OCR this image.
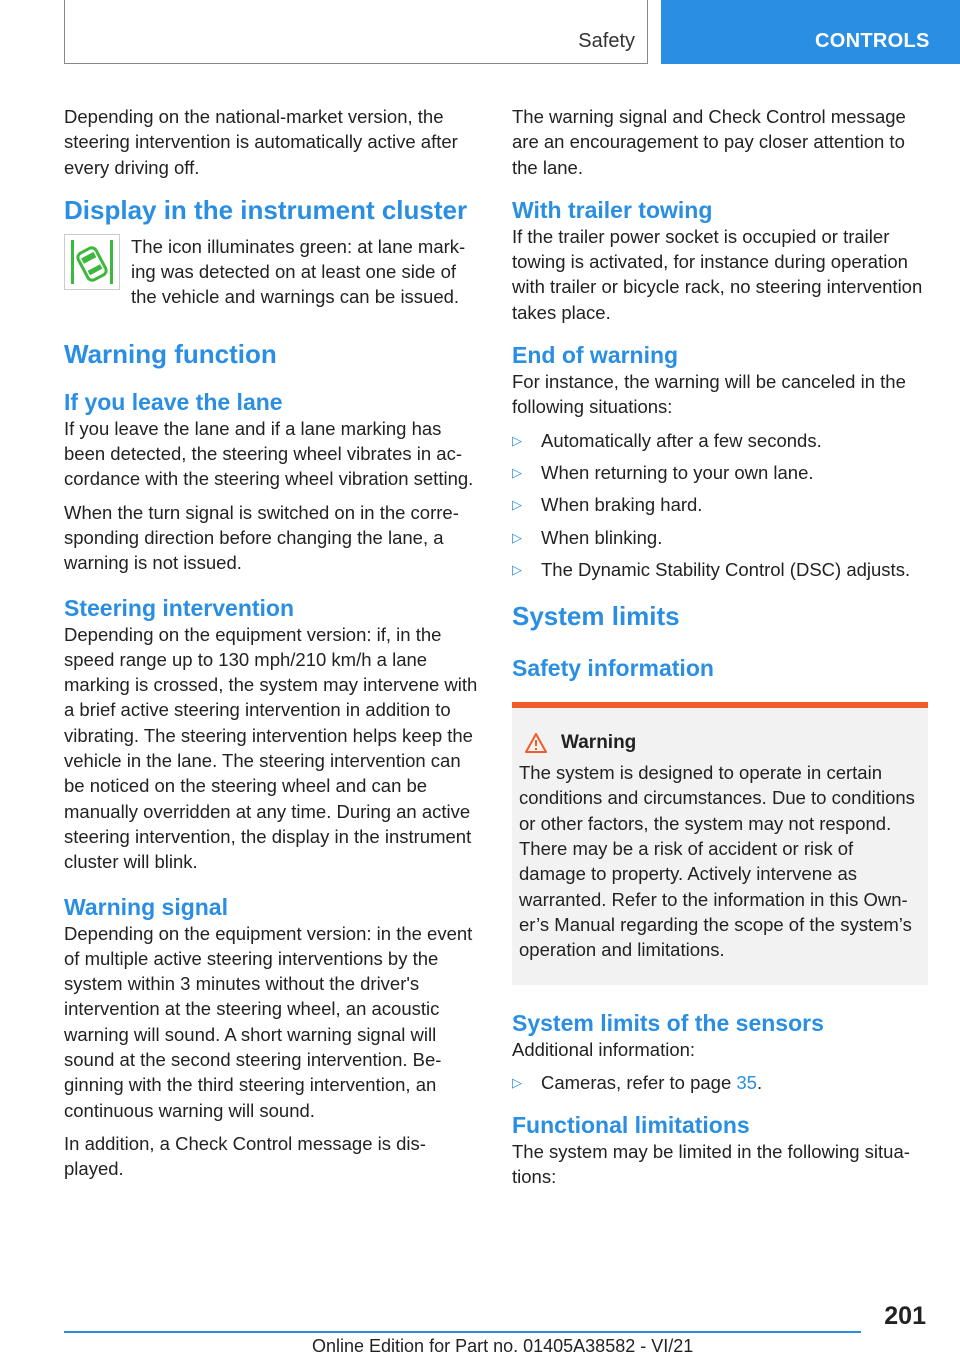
Safety	CONTROLS

Depending on the national-market version, the steering intervention is automatically active after every driving off.

Display in the instrument cluster

The icon illuminates green: at lane marking was detected on at least one side of the vehicle and warnings can be issued.

Warning function
If you leave the lane

If you leave the lane and if a lane marking has been detected, the steering wheel vibrates in accordance with the steering wheel vibration setting.

When the turn signal is switched on in the corresponding direction before changing the lane, a warning is not issued.

Steering intervention

Depending on the equipment version: if, in the speed range up to 130 mph/210 km/h a lane marking is crossed, the system may intervene with a brief active steering intervention in addition to vibrating. The steering intervention helps keep the vehicle in the lane. The steering intervention can be noticed on the steering wheel and can be manually overridden at any time. During an active steering intervention, the display in the instrument cluster will blink.

Warning signal

Depending on the equipment version: in the event of multiple active steering interventions by the system within 3 minutes without the driver's intervention at the steering wheel, an acoustic warning will sound. A short warning signal will sound at the second steering intervention. Beginning with the third steering intervention, an continuous warning will sound.

In addition, a Check Control message is displayed.

The warning signal and Check Control message are an encouragement to pay closer attention to the lane.

With trailer towing

If the trailer power socket is occupied or trailer towing is activated, for instance during operation with trailer or bicycle rack, no steering intervention takes place.

End of warning

For instance, the warning will be canceled in the following situations:

▷ Automatically after a few seconds.
▷ When returning to your own lane.
▷ When braking hard.
▷ When blinking.
▷ The Dynamic Stability Control (DSC) adjusts.
System limits
Safety information
Warning

The system is designed to operate in certain conditions and circumstances. Due to conditions or other factors, the system may not respond. There may be a risk of accident or risk of damage to property. Actively intervene as warranted. Refer to the information in this Owner’s Manual regarding the scope of the system’s operation and limitations.

System limits of the sensors

Additional information:

▷ Cameras, refer to page 35.
Functional limitations

The system may be limited in the following situations:

201
Online Edition for Part no. 01405A38582 - VI/21
